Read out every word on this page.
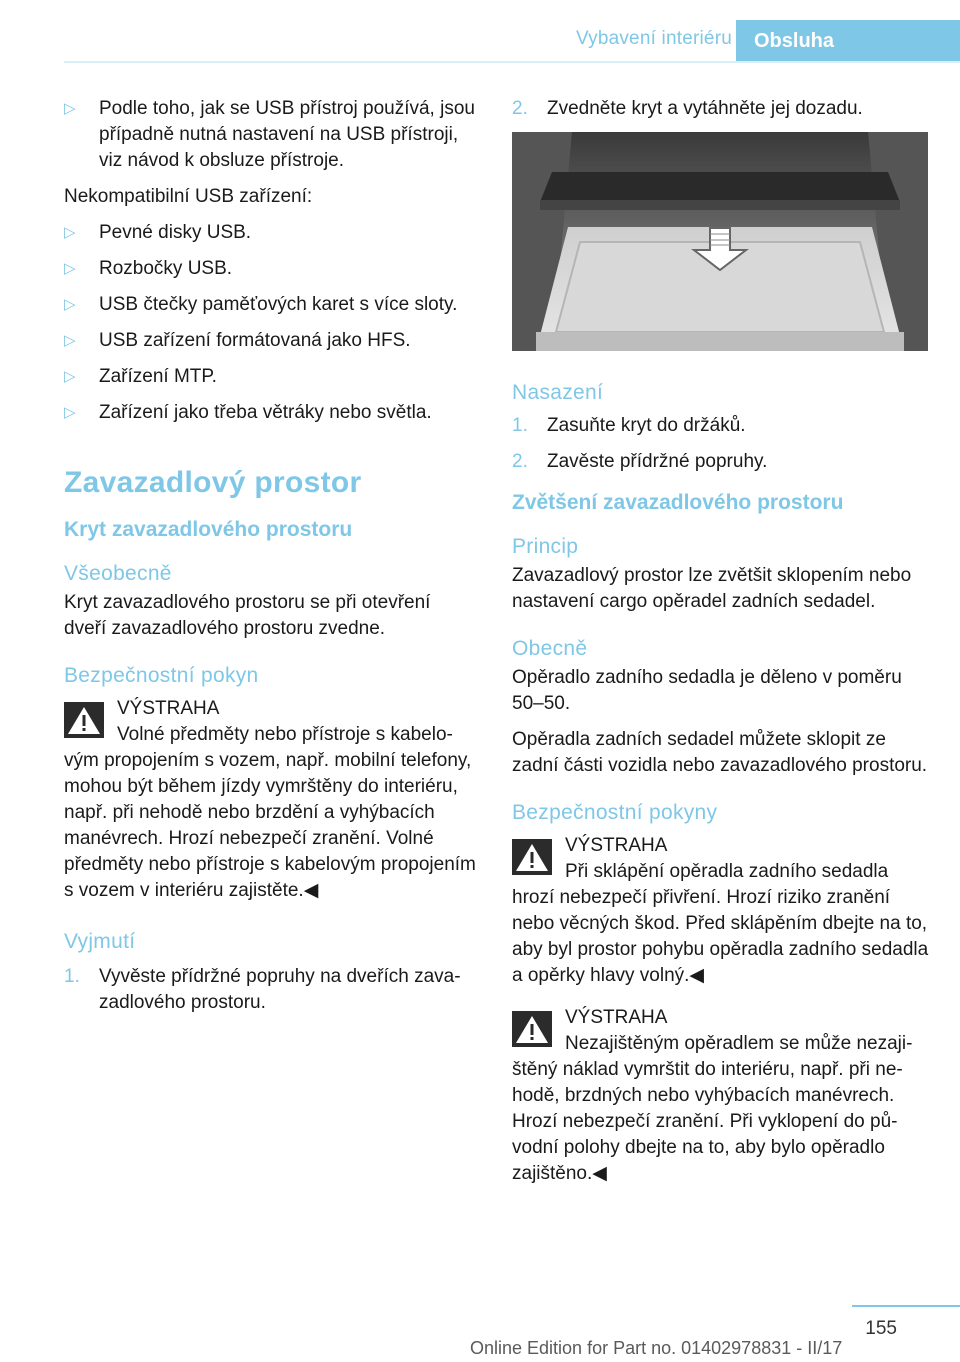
Vybavení interiéru	Obsluha
▷	Podle toho, jak se USB přístroj používá, jsou případně nutná nastavení na USB přístroji, viz návod k obsluze přístroje.

Nekompatibilní USB zařízení:

▷	Pevné disky USB.
▷	Rozbočky USB.
▷	USB čtečky paměťových karet s více sloty.
▷	USB zařízení formátovaná jako HFS.
▷	Zařízení MTP.
▷	Zařízení jako třeba větráky nebo světla.
Zavazadlový prostor
Kryt zavazadlového prostoru
Všeobecně

Kryt zavazadlového prostoru se při otevření dveří zavazadlového prostoru zvedne.

Bezpečnostní pokyn

VÝSTRAHA

Volné předměty nebo přístroje s kabelovým propojením s vozem, např. mobilní telefony, mohou být během jízdy vymrštěny do interiéru, např. při nehodě nebo brzdění a vyhýbacích manévrech. Hrozí nebezpečí zranění. Volné předměty nebo přístroje s kabelovým propojením s vozem v interiéru zajistěte.◀

Vyjmutí
1.	Vyvěste přídržné popruhy na dveřích zavazadlového prostoru.
2.	Zvedněte kryt a vytáhněte jej dozadu.
Nasazení
1.	Zasuňte kryt do držáků.
2.	Zavěste přídržné popruhy.
Zvětšení zavazadlového prostoru
Princip

Zavazadlový prostor lze zvětšit sklopením nebo nastavení cargo opěradel zadních sedadel.

Obecně

Opěradlo zadního sedadla je děleno v poměru 50–50.

Opěradla zadních sedadel můžete sklopit ze zadní části vozidla nebo zavazadlového prostoru.

Bezpečnostní pokyny

VÝSTRAHA

Při sklápění opěradla zadního sedadla hrozí nebezpečí přivření. Hrozí riziko zranění nebo věcných škod. Před sklápěním dbejte na to, aby byl prostor pohybu opěradla zadního sedadla a opěrky hlavy volný.◀

VÝSTRAHA

Nezajištěným opěradlem se může nezajištěný náklad vymrštit do interiéru, např. při nehodě, brzdných nebo vyhýbacích manévrech. Hrozí nebezpečí zranění. Při vyklopení do původní polohy dbejte na to, aby bylo opěradlo zajištěno.◀

155
Online Edition for Part no. 01402978831 - II/17
